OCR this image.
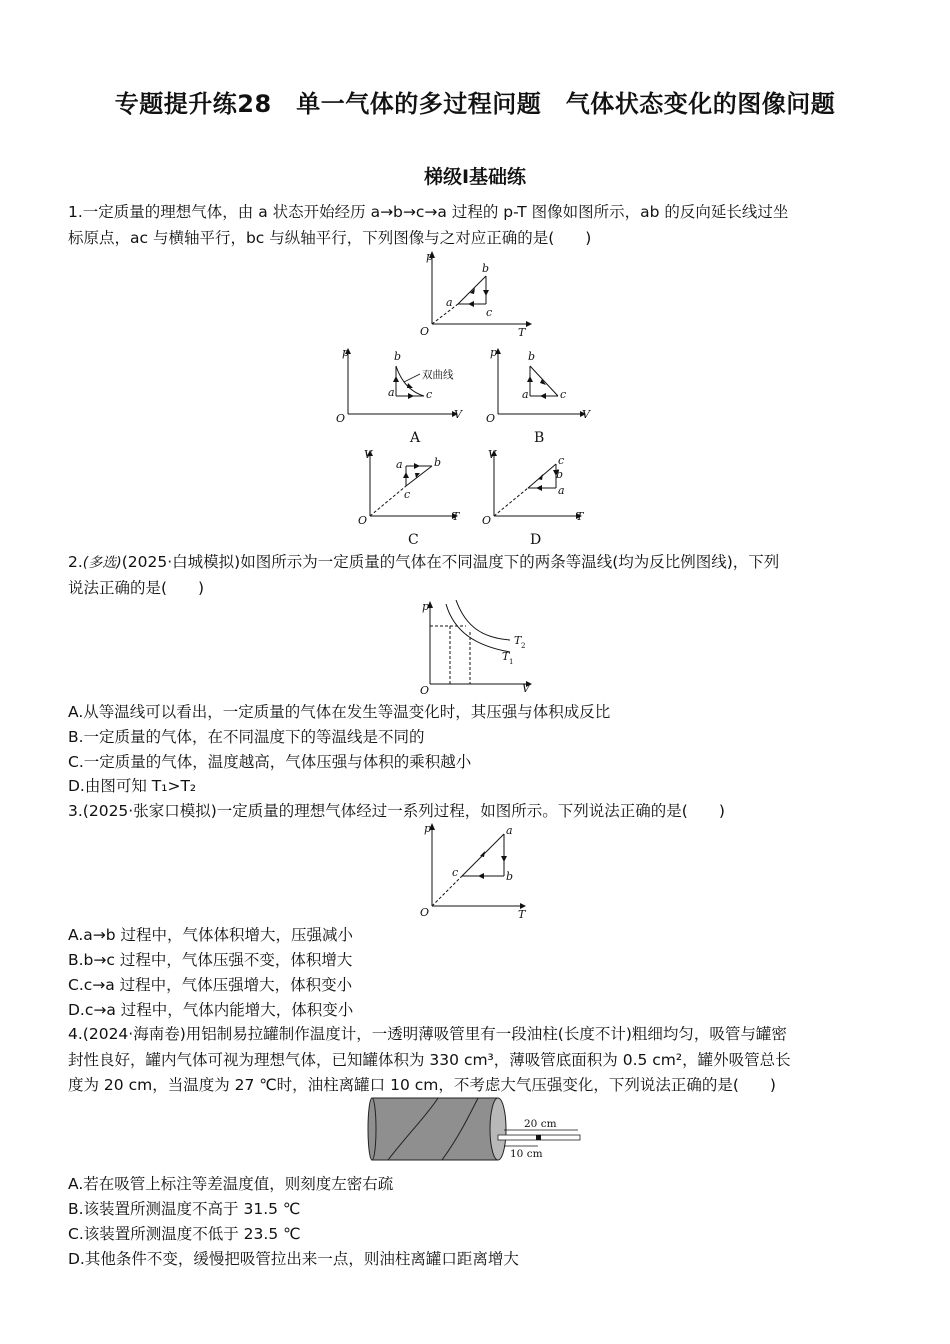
专题提升练28　单一气体的多过程问题　气体状态变化的图像问题
梯级Ⅰ基础练
1.一定质量的理想气体，由 a 状态开始经历 a→b→c→a 过程的 p-T 图像如图所示，ab 的反向延长线过坐
标原点，ac 与横轴平行，bc 与纵轴平行，下列图像与之对应正确的是(　　)
p
T
O
a
b
c
双曲线
p
V
O
b
a	c
A
p
V
O
b
a	c
B
V
T
O
a	b
c
C
V
T
O
a
c
b
D
2.(多选)(2025·白城模拟)如图所示为一定质量的气体在不同温度下的两条等温线(均为反比例图线)，下列
说法正确的是(　　)
p
V
O
T 2
T 1
A.从等温线可以看出，一定质量的气体在发生等温变化时，其压强与体积成反比
B.一定质量的气体，在不同温度下的等温线是不同的
C.一定质量的气体，温度越高，气体压强与体积的乘积越小
D.由图可知 T₁>T₂
3.(2025·张家口模拟)一定质量的理想气体经过一系列过程，如图所示。下列说法正确的是(　　)
p
T
O
a
b
c
A.a→b 过程中，气体体积增大，压强减小
B.b→c 过程中，气体压强不变，体积增大
C.c→a 过程中，气体压强增大，体积变小
D.c→a 过程中，气体内能增大，体积变小
4.(2024·海南卷)用铝制易拉罐制作温度计，一透明薄吸管里有一段油柱(长度不计)粗细均匀，吸管与罐密
封性良好，罐内气体可视为理想气体，已知罐体积为 330 cm³，薄吸管底面积为 0.5 cm²，罐外吸管总长
度为 20 cm，当温度为 27 ℃时，油柱离罐口 10 cm，不考虑大气压强变化，下列说法正确的是(　　)
20 cm
10 cm
A.若在吸管上标注等差温度值，则刻度左密右疏
B.该装置所测温度不高于 31.5 ℃
C.该装置所测温度不低于 23.5 ℃
D.其他条件不变，缓慢把吸管拉出来一点，则油柱离罐口距离增大
